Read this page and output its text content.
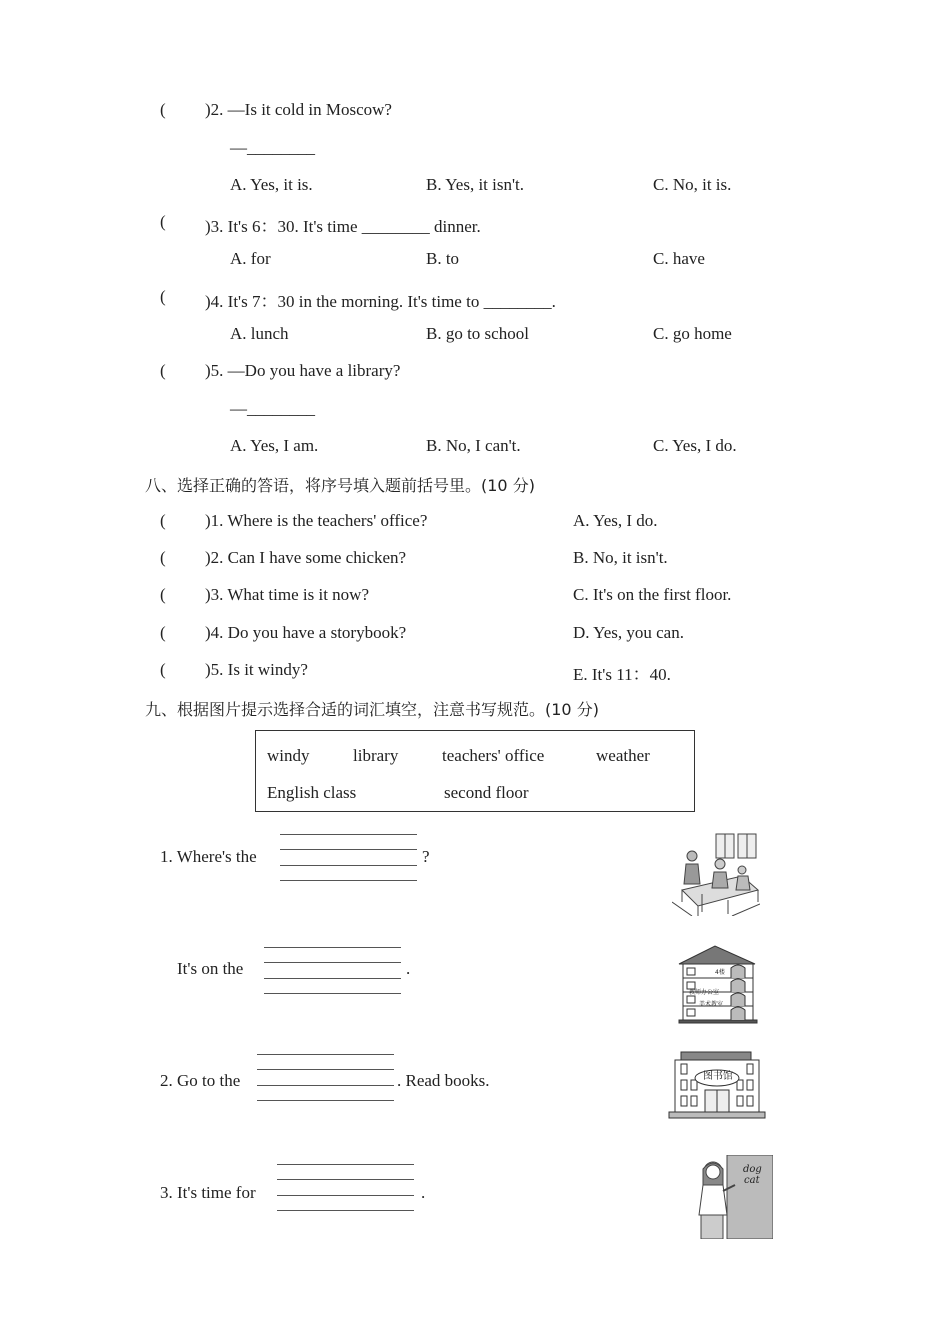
( )2. —Is it cold in Moscow?
—________
A. Yes, it is.	B. Yes, it isn't.	C. No, it is.
( )3. It's 6：30. It's time ________ dinner.
A. for	B. to	C. have
( )4. It's 7：30 in the morning. It's time to ________.
A. lunch	B. go to school	C. go home
( )5. —Do you have a library?
—________
A. Yes, I am.	B. No, I can't.	C. Yes, I do.
八、选择正确的答语，将序号填入题前括号里。(10 分)
( )1. Where is the teachers' office?	A. Yes, I do.
( )2. Can I have some chicken?	B. No, it isn't.
( )3. What time is it now?	C. It's on the first floor.
( )4. Do you have a storybook?	D. Yes, you can.
( )5. Is it windy?	E. It's 11：40.
九、根据图片提示选择合适的词汇填空，注意书写规范。(10 分)
windy	library	teachers' office	weather
English class	second floor
1. Where's the	?
It's on the	.
2. Go to the	. Read books.
3. It's time for	.
4楼
教师办公室
美术教室
图书馆
dog
cat
